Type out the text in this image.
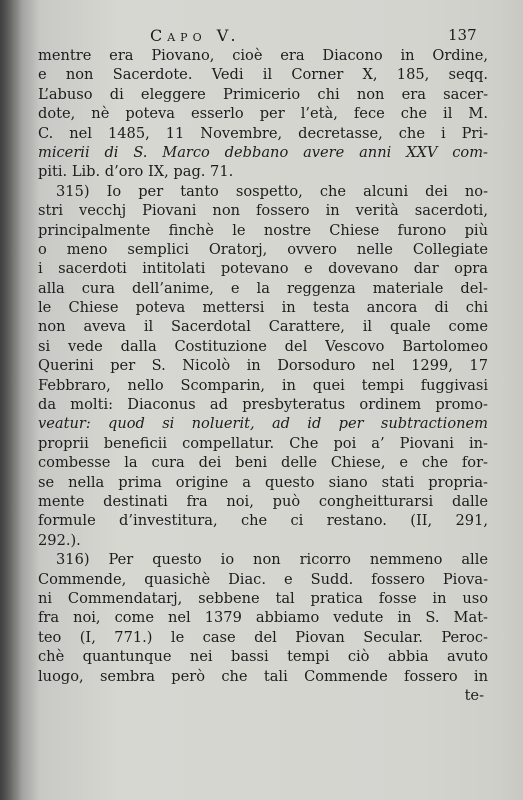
Capo V.	137
mentre era Piovano, cioè era Diacono in Ordine,
e non Sacerdote. Vedi il Corner X, 185, seqq.
L’abuso di eleggere Primicerio chi non era sacer-
dote, nè poteva esserlo per l’età, fece che il M.
C. nel 1485, 11 Novembre, decretasse, che i Pri-
micerii di S. Marco debbano avere anni XXV com-
piti. Lib. d’oro IX, pag. 71.
315) Io per tanto sospetto, che alcuni dei no-
stri vecchj Piovani non fossero in verità sacerdoti,
principalmente finchè le nostre Chiese furono più
o meno semplici Oratorj, ovvero nelle Collegiate
i sacerdoti intitolati potevano e dovevano dar opra
alla cura dell’anime, e la reggenza materiale del-
le Chiese poteva mettersi in testa ancora di chi
non aveva il Sacerdotal Carattere, il quale come
si vede dalla Costituzione del Vescovo Bartolomeo
Querini per S. Nicolò in Dorsoduro nel 1299, 17
Febbraro, nello Scomparin, in quei tempi fuggivasi
da molti: Diaconus ad presbyteratus ordinem promo-
veatur: quod si noluerit, ad id per subtractionem
proprii beneficii compellatur. Che poi a’ Piovani in-
combesse la cura dei beni delle Chiese, e che for-
se nella prima origine a questo siano stati propria-
mente destinati fra noi, può congheitturarsi dalle
formule d’investitura, che ci restano. (II, 291,
292.).
316) Per questo io non ricorro nemmeno alle
Commende, quasichè Diac. e Sudd. fossero Piova-
ni Commendatarj, sebbene tal pratica fosse in uso
fra noi, come nel 1379 abbiamo vedute in S. Mat-
teo (I, 771.) le case del Piovan Secular. Peroc-
chè quantunque nei bassi tempi ciò abbia avuto
luogo, sembra però che tali Commende fossero in
te-
